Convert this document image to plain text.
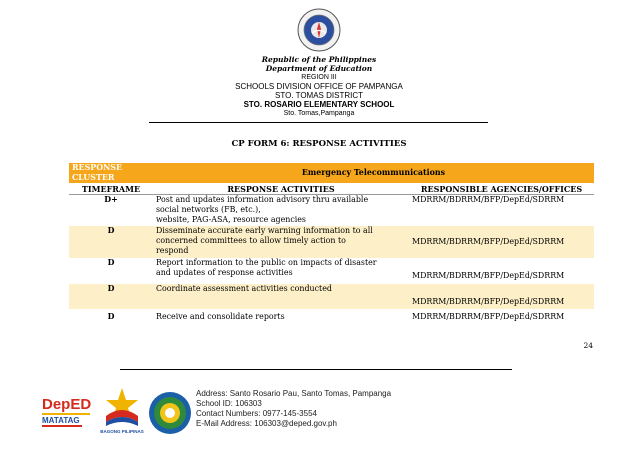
Republic of the Philippines
Department of Education
REGION III
SCHOOLS DIVISION OFFICE OF PAMPANGA
STO. TOMAS DISTRICT
STO. ROSARIO ELEMENTARY SCHOOL
Sto. Tomas,Pampanga
CP FORM 6: RESPONSE ACTIVITIES
RESPONSE CLUSTER	Emergency Telecommunications	
TIMEFRAME	RESPONSE ACTIVITIES	RESPONSIBLE AGENCIES/OFFICES
D+	Post and updates information advisory thru available
social networks (FB, etc.),
website, PAG-ASA, resource agencies	MDRRM/BDRRM/BFP/DepEd/SDRRM
D	Disseminate accurate early warning information to all
concerned committees to allow timely action to
respond	MDRRM/BDRRM/BFP/DepEd/SDRRM
D	Report information to the public on impacts of disaster
and updates of response activities	MDRRM/BDRRM/BFP/DepEd/SDRRM
D	Coordinate assessment activities conducted	MDRRM/BDRRM/BFP/DepEd/SDRRM
D	Receive and consolidate reports	MDRRM/BDRRM/BFP/DepEd/SDRRM
24
DepED
MATATAG
BAGONG PILIPINAS
Address: Santo Rosario Pau, Santo Tomas, Pampanga
School ID: 106303
Contact Numbers: 0977-145-3554
E-Mail Address: 106303@deped.gov.ph
